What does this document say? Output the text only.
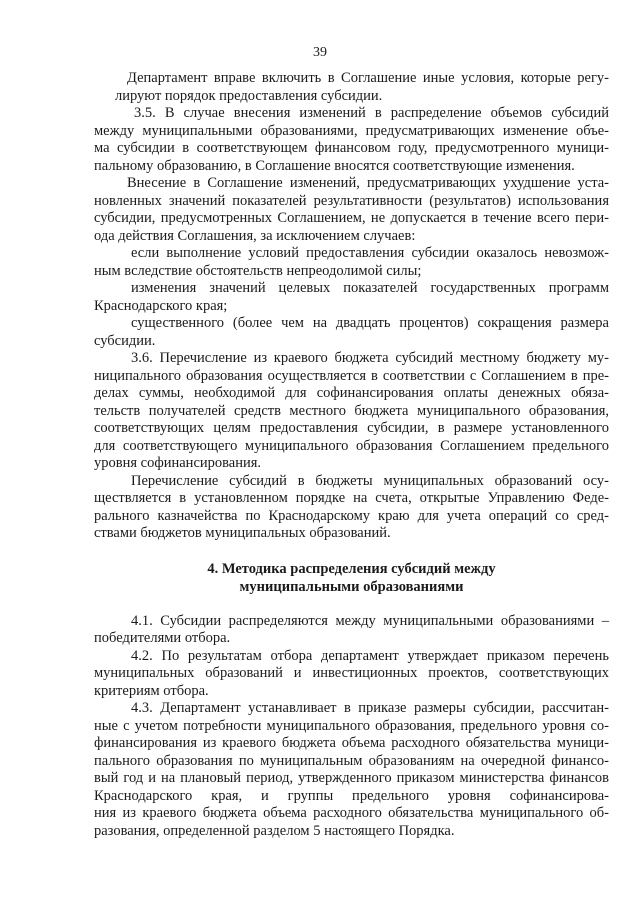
39

Департамент вправе включить в Соглашение иные условия, которые регу-

лируют порядок предоставления субсидии.

3.5. В случае внесения изменений в распределение объемов субсидий

между муниципальными образованиями, предусматривающих изменение объе-

ма субсидии в соответствующем финансовом году, предусмотренного муници-

пальному образованию, в Соглашение вносятся соответствующие изменения.

Внесение в Соглашение изменений, предусматривающих ухудшение уста-

новленных значений показателей результативности (результатов) использования

субсидии, предусмотренных Соглашением, не допускается в течение всего пери-

ода действия Соглашения, за исключением случаев:

если выполнение условий предоставления субсидии оказалось невозмож-

ным вследствие обстоятельств непреодолимой силы;

изменения значений целевых показателей государственных программ

Краснодарского края;

существенного (более чем на двадцать процентов) сокращения размера

субсидии.

3.6. Перечисление из краевого бюджета субсидий местному бюджету му-

ниципального образования осуществляется в соответствии с Соглашением в пре-

делах суммы, необходимой для софинансирования оплаты денежных обяза-

тельств получателей средств местного бюджета муниципального образования,

соответствующих целям предоставления субсидии, в размере установленного

для соответствующего муниципального образования Соглашением предельного

уровня софинансирования.

Перечисление субсидий в бюджеты муниципальных образований осу-

ществляется в установленном порядке на счета, открытые Управлению Феде-

рального казначейства по Краснодарскому краю для учета операций со сред-

ствами бюджетов муниципальных образований.

4. Методика распределения субсидий между
муниципальными образованиями

4.1. Субсидии распределяются между муниципальными образованиями –

победителями отбора.

4.2. По результатам отбора департамент утверждает приказом перечень

муниципальных образований и инвестиционных проектов, соответствующих

критериям отбора.

4.3. Департамент устанавливает в приказе размеры субсидии, рассчитан-

ные с учетом потребности муниципального образования, предельного уровня со-

финансирования из краевого бюджета объема расходного обязательства муници-

пального образования по муниципальным образованиям на очередной финансо-

вый год и на плановый период, утвержденного приказом министерства финансов

Краснодарского края, и группы предельного уровня софинансирова-

ния из краевого бюджета объема расходного обязательства муниципального об-

разования, определенной разделом 5 настоящего Порядка.
